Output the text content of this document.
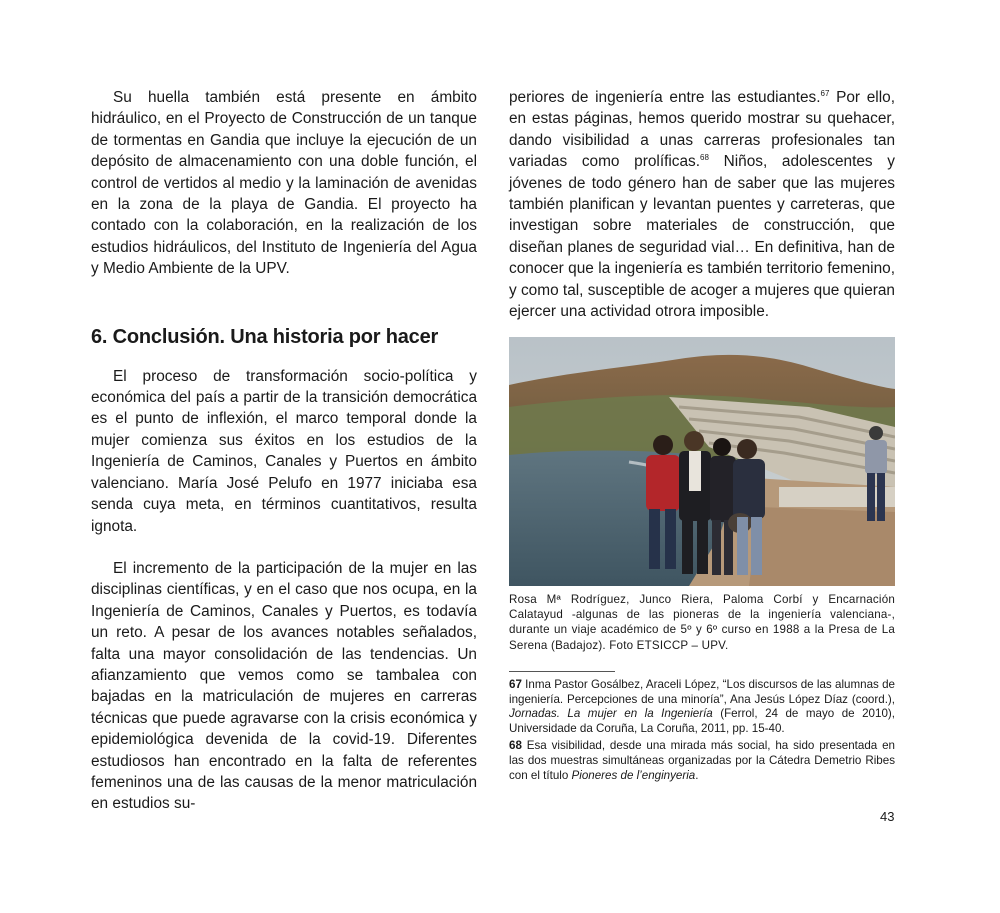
Su huella también está presente en ámbito hidráulico, en el Proyecto de Construcción de un tanque de tormentas en Gandia que incluye la ejecución de un depósito de almacenamiento con una doble función, el control de vertidos al medio y la laminación de avenidas en la zona de la playa de Gandia. El proyecto ha contado con la colaboración, en la realización de los estudios hidráulicos, del Instituto de Ingeniería del Agua y Medio Ambiente de la UPV.

6. Conclusión. Una historia por hacer

El proceso de transformación socio-política y económica del país a partir de la transición democrática es el punto de inflexión, el marco temporal donde la mujer comienza sus éxitos en los estudios de la Ingeniería de Caminos, Canales y Puertos en ámbito valenciano. María José Pelufo en 1977 iniciaba esa senda cuya meta, en términos cuantitativos, resulta ignota.

El incremento de la participación de la mujer en las disciplinas científicas, y en el caso que nos ocupa, en la Ingeniería de Caminos, Canales y Puertos, es todavía un reto. A pesar de los avances notables señalados, falta una mayor consolidación de las tendencias. Un afianzamiento que vemos como se tambalea con bajadas en la matriculación de mujeres en carreras técnicas que puede agravarse con la crisis económica y epidemiológica devenida de la covid-19. Diferentes estudiosos han encontrado en la falta de referentes femeninos una de las causas de la menor matriculación en estudios su-

periores de ingeniería entre las estudiantes.$^{67}$ Por ello, en estas páginas, hemos querido mostrar su quehacer, dando visibilidad a unas carreras profesionales tan variadas como prolíficas.$^{68}$ Niños, adolescentes y jóvenes de todo género han de saber que las mujeres también planifican y levantan puentes y carreteras, que investigan sobre materiales de construcción, que diseñan planes de seguridad vial… En definitiva, han de conocer que la ingeniería es también territorio femenino, y como tal, susceptible de acoger a mujeres que quieran ejercer una actividad otrora imposible.

Rosa Mª Rodríguez, Junco Riera, Paloma Corbí y Encarnación Calatayud -algunas de las pioneras de la ingeniería valenciana-, durante un viaje académico de 5º y 6º curso en 1988 a la Presa de La Serena (Badajoz). Foto ETSICCP – UPV.

67 Inma Pastor Gosálbez, Araceli López, “Los discursos de las alumnas de ingeniería. Percepciones de una minoría”, Ana Jesús López Díaz (coord.), Jornadas. La mujer en la Ingeniería (Ferrol, 24 de mayo de 2010), Universidade da Coruña, La Coruña, 2011, pp. 15-40.

68 Esa visibilidad, desde una mirada más social, ha sido presentada en las dos muestras simultáneas organizadas por la Cátedra Demetrio Ribes con el título Pioneres de l’enginyeria.

43
